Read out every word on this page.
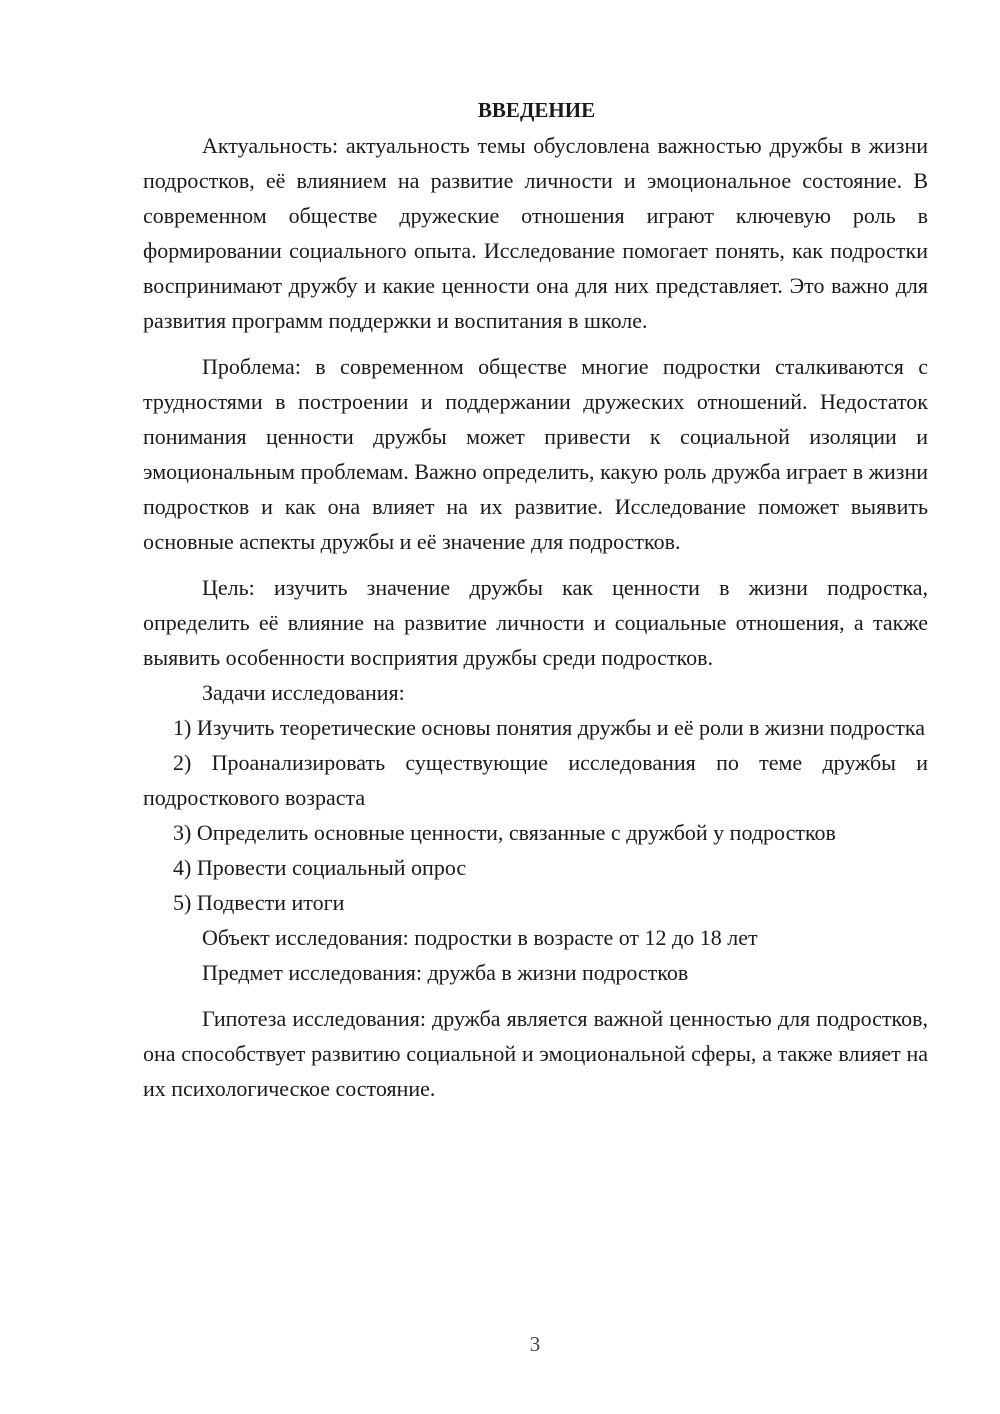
ВВЕДЕНИЕ

Актуальность: актуальность темы обусловлена важностью дружбы в жизни подростков, её влиянием на развитие личности и эмоциональное состояние. В современном обществе дружеские отношения играют ключевую роль в формировании социального опыта. Исследование помогает понять, как подростки воспринимают дружбу и какие ценности она для них представляет. Это важно для развития программ поддержки и воспитания в школе.

Проблема: в современном обществе многие подростки сталкиваются с трудностями в построении и поддержании дружеских отношений. Недостаток понимания ценности дружбы может привести к социальной изоляции и эмоциональным проблемам. Важно определить, какую роль дружба играет в жизни подростков и как она влияет на их развитие. Исследование поможет выявить основные аспекты дружбы и её значение для подростков.

Цель: изучить значение дружбы как ценности в жизни подростка, определить её влияние на развитие личности и социальные отношения, а также выявить особенности восприятия дружбы среди подростков.

Задачи исследования:

1) Изучить теоретические основы понятия дружбы и её роли в жизни подростка

2) Проанализировать существующие исследования по теме дружбы и подросткового возраста

3) Определить основные ценности, связанные с дружбой у подростков

4) Провести социальный опрос

5) Подвести итоги

Объект исследования: подростки в возрасте от 12 до 18 лет

Предмет исследования: дружба в жизни подростков

Гипотеза исследования: дружба является важной ценностью для подростков, она способствует развитию социальной и эмоциональной сферы, а также влияет на их психологическое состояние.

3
